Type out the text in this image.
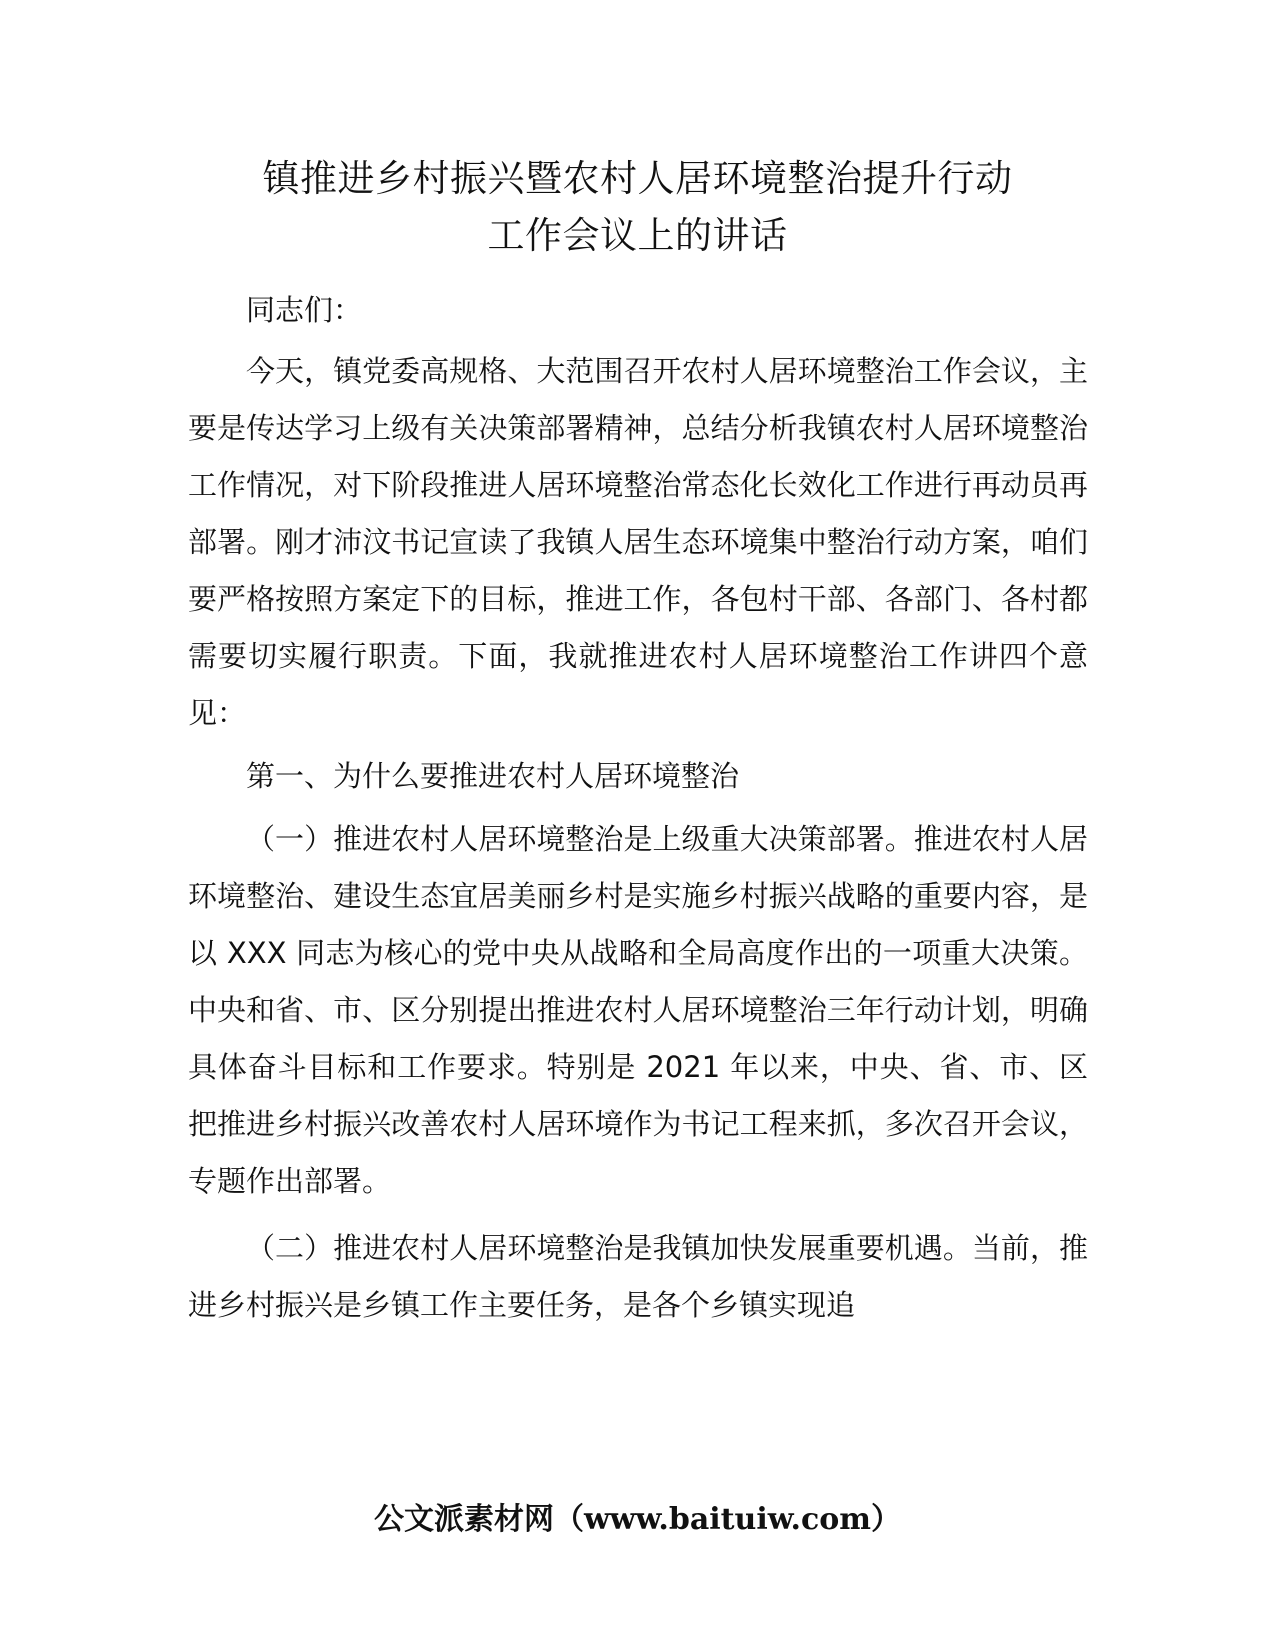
镇推进乡村振兴暨农村人居环境整治提升行动
工作会议上的讲话

同志们：

今天，镇党委高规格、大范围召开农村人居环境整治工作会议，主要是传达学习上级有关决策部署精神，总结分析我镇农村人居环境整治工作情况，对下阶段推进人居环境整治常态化长效化工作进行再动员再部署。刚才沛汶书记宣读了我镇人居生态环境集中整治行动方案，咱们要严格按照方案定下的目标，推进工作，各包村干部、各部门、各村都需要切实履行职责。下面，我就推进农村人居环境整治工作讲四个意见：

第一、为什么要推进农村人居环境整治

（一）推进农村人居环境整治是上级重大决策部署。推进农村人居环境整治、建设生态宜居美丽乡村是实施乡村振兴战略的重要内容，是以 XXX 同志为核心的党中央从战略和全局高度作出的一项重大决策。中央和省、市、区分别提出推进农村人居环境整治三年行动计划，明确具体奋斗目标和工作要求。特别是 2021 年以来，中央、省、市、区把推进乡村振兴改善农村人居环境作为书记工程来抓，多次召开会议，专题作出部署。

（二）推进农村人居环境整治是我镇加快发展重要机遇。当前，推进乡村振兴是乡镇工作主要任务，是各个乡镇实现追

公文派素材网（www.baituiw.com）
